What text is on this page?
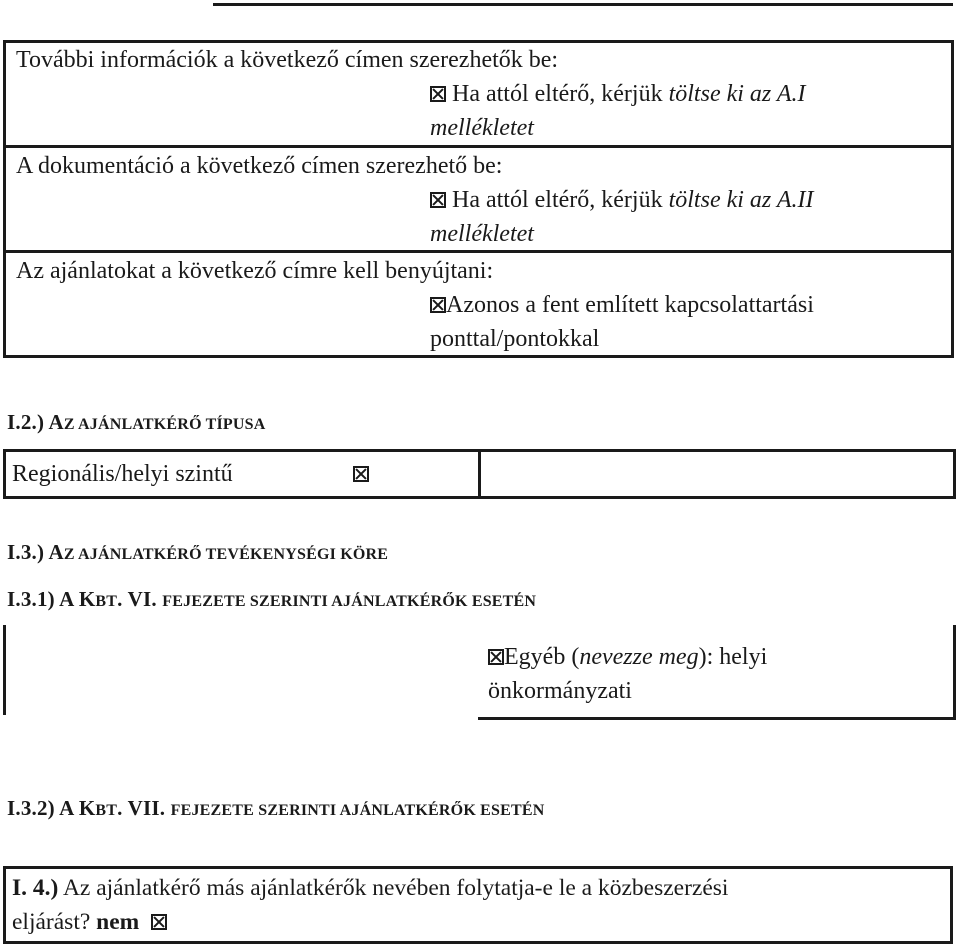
További információk a következő címen szerezhetők be:
Ha attól eltérő, kérjük töltse ki az A.I
mellékletet
A dokumentáció a következő címen szerezhető be:
Ha attól eltérő, kérjük töltse ki az A.II
mellékletet
Az ajánlatokat a következő címre kell benyújtani:
Azonos a fent említett kapcsolattartási
ponttal/pontokkal
I.2.) AZ AJÁNLATKÉRŐ TÍPUSA
Regionális/helyi szintű
I.3.) AZ AJÁNLATKÉRŐ TEVÉKENYSÉGI KÖRE
I.3.1) A KBT. VI. FEJEZETE SZERINTI AJÁNLATKÉRŐK ESETÉN
Egyéb (nevezze meg): helyi
önkormányzati
I.3.2) A KBT. VII. FEJEZETE SZERINTI AJÁNLATKÉRŐK ESETÉN
I. 4.) Az ajánlatkérő más ajánlatkérők nevében folytatja-e le a közbeszerzési
eljárást? nem
